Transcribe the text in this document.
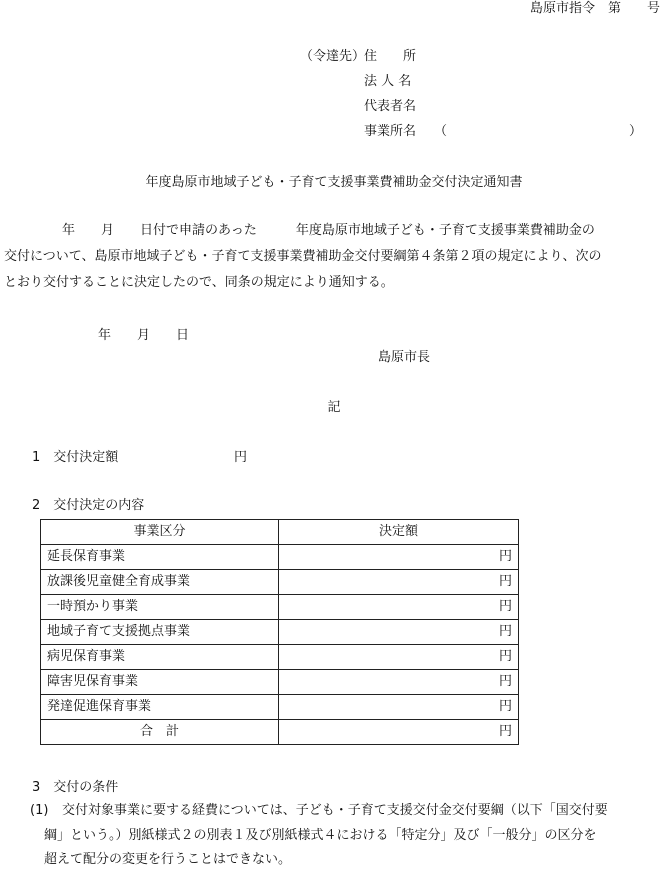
島原市指令　第　　号
（令達先）
住　　所
法 人 名
代表者名
事業所名 （　　　　　　　　　　　　　　）
年度島原市地域子ども・子育て支援事業費補助金交付決定通知書
年　　月　　日付で申請のあった　　　年度島原市地域子ども・子育て支援事業費補助金の
交付について、島原市地域子ども・子育て支援事業費補助金交付要綱第４条第２項の規定により、次の
とおり交付することに決定したので、同条の規定により通知する。
年　　月　　日
島原市長
記
1　交付決定額	円
2　交付決定の内容
事業区分	決定額
延長保育事業	円
放課後児童健全育成事業	円
一時預かり事業	円
地域子育て支援拠点事業	円
病児保育事業	円
障害児保育事業	円
発達促進保育事業	円
合　計	円
3　交付の条件
(1) 交付対象事業に要する経費については、子ども・子育て支援交付金交付要綱（以下「国交付要
綱」という。）別紙様式２の別表１及び別紙様式４における「特定分」及び「一般分」の区分を
超えて配分の変更を行うことはできない。
